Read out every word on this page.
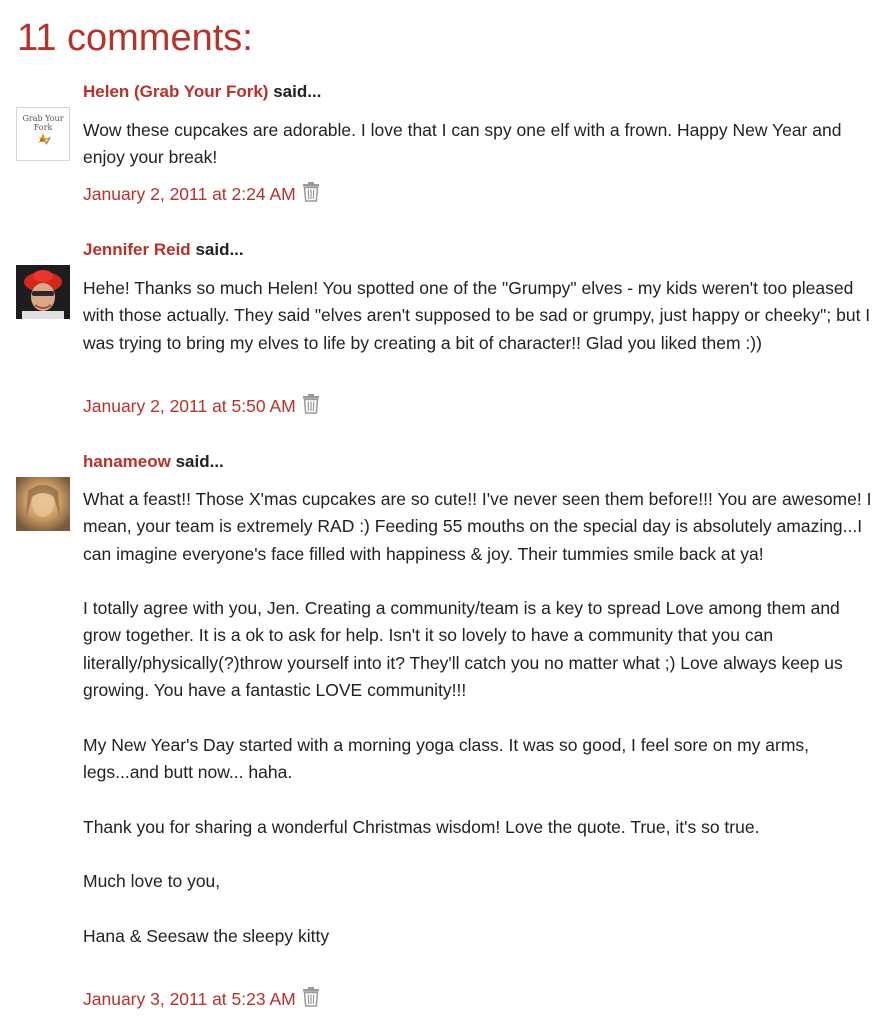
11 comments:
Grab Your
Fork
Helen (Grab Your Fork) said...

Wow these cupcakes are adorable. I love that I can spy one elf with a frown. Happy New Year and enjoy your break!

January 2, 2011 at 2:24 AM
Jennifer Reid said...

Hehe! Thanks so much Helen! You spotted one of the "Grumpy" elves - my kids weren't too pleased with those actually. They said "elves aren't supposed to be sad or grumpy, just happy or cheeky"; but I was trying to bring my elves to life by creating a bit of character!! Glad you liked them :))

January 2, 2011 at 5:50 AM
hanameow said...

What a feast!! Those X'mas cupcakes are so cute!! I've never seen them before!!! You are awesome! I mean, your team is extremely RAD :) Feeding 55 mouths on the special day is absolutely amazing...I can imagine everyone's face filled with happiness & joy. Their tummies smile back at ya!

I totally agree with you, Jen. Creating a community/team is a key to spread Love among them and grow together. It is a ok to ask for help. Isn't it so lovely to have a community that you can literally/physically(?)throw yourself into it? They'll catch you no matter what ;) Love always keep us growing. You have a fantastic LOVE community!!!

My New Year's Day started with a morning yoga class. It was so good, I feel sore on my arms, legs...and butt now... haha.

Thank you for sharing a wonderful Christmas wisdom! Love the quote. True, it's so true.

Much love to you,

Hana & Seesaw the sleepy kitty

January 3, 2011 at 5:23 AM
